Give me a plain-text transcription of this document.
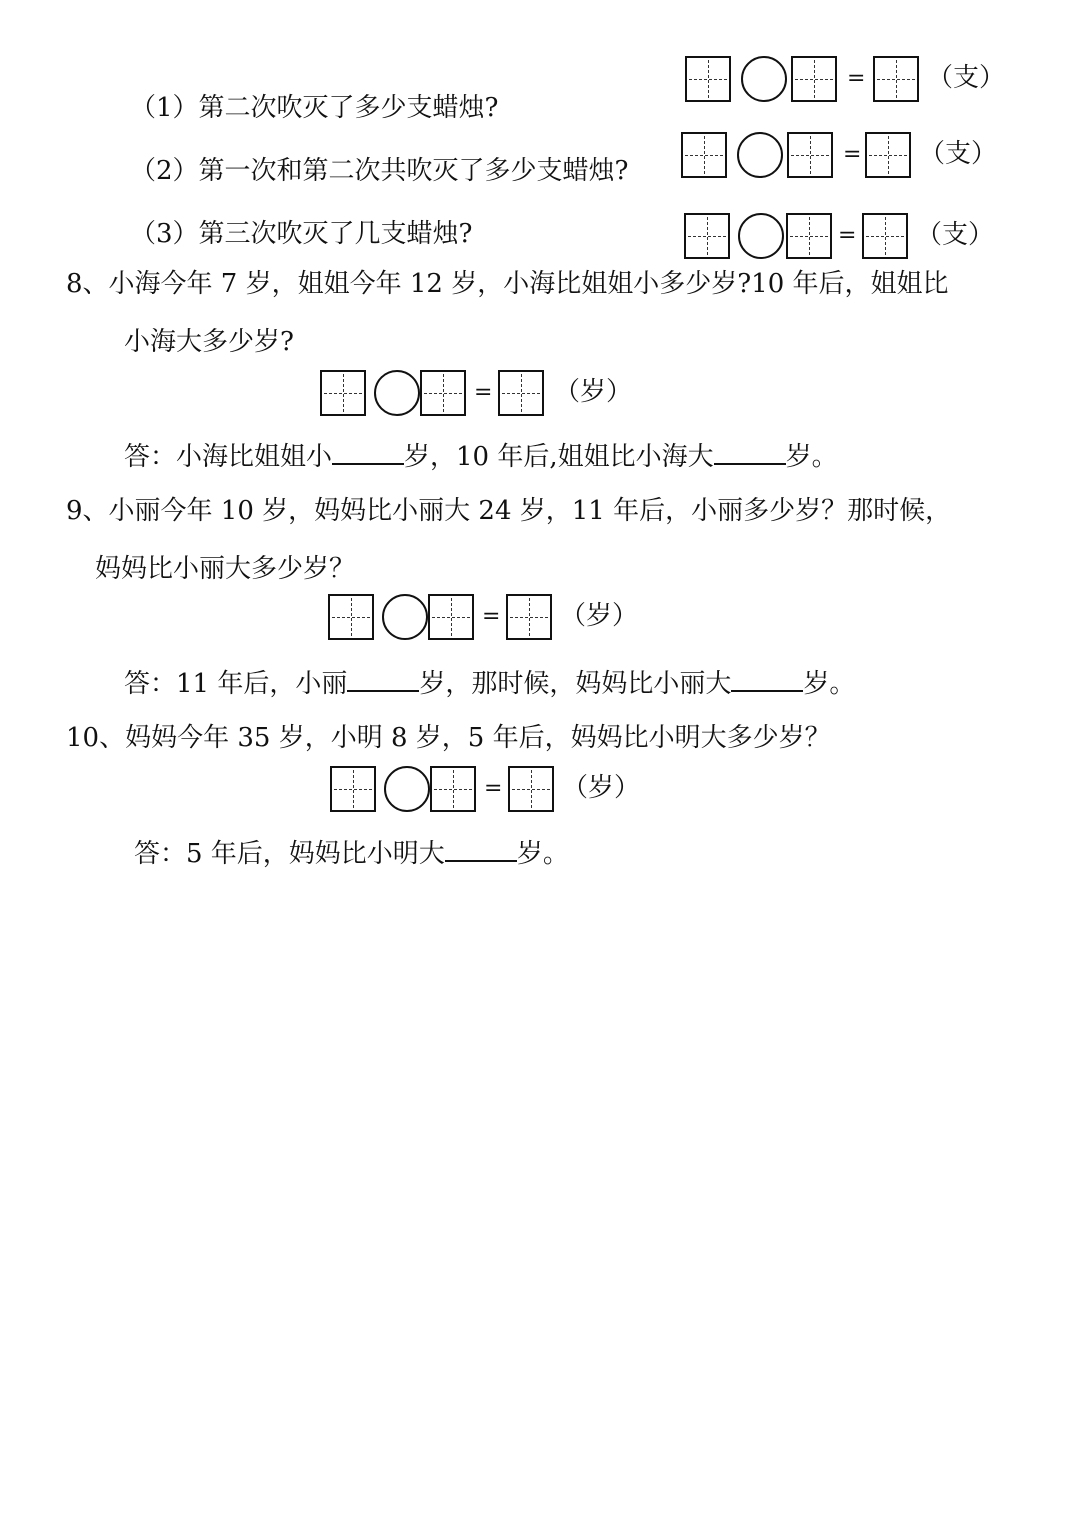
（1）第二次吹灭了多少支蜡烛?
= （支）
（2）第一次和第二次共吹灭了多少支蜡烛?
= （支）
（3）第三次吹灭了几支蜡烛?	= （支）
8、小海今年 7 岁，姐姐今年 12 岁，小海比姐姐小多少岁?10 年后，姐姐比
小海大多少岁?
= （岁）
答：小海比姐姐小	岁，10 年后,姐姐比小海大	岁。
9、小丽今年 10 岁，妈妈比小丽大 24 岁，11 年后，小丽多少岁？那时候，
妈妈比小丽大多少岁？
= （岁）
答：11 年后，小丽	岁，那时候，妈妈比小丽大	岁。
10、妈妈今年 35 岁，小明 8 岁，5 年后，妈妈比小明大多少岁？
= （岁）
答：5 年后，妈妈比小明大	岁。
